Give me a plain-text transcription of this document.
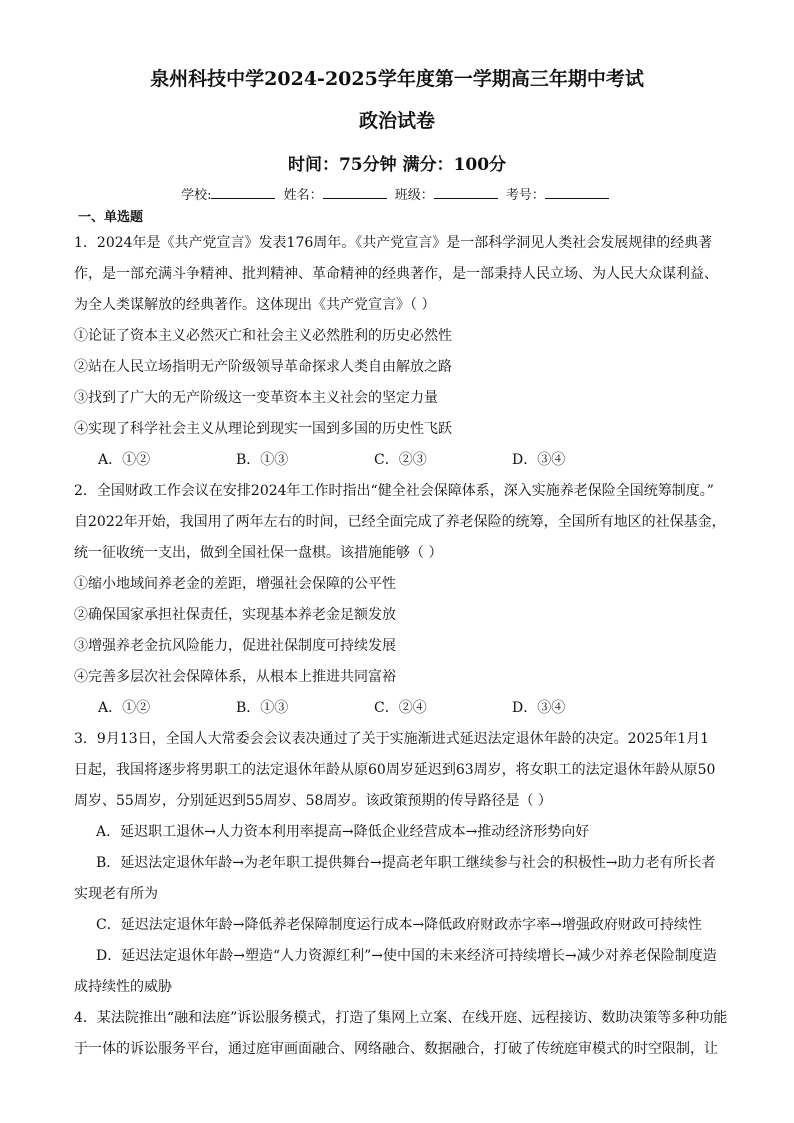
泉州科技中学2024-2025学年度第一学期高三年期中考试
政治试卷
时间：75分钟 满分：100分
学校:	姓名：	班级：	考号：
一、单选题
1．2024年是《共产党宣言》发表176周年。《共产党宣言》是一部科学洞见人类社会发展规律的经典著
作，是一部充满斗争精神、批判精神、革命精神的经典著作，是一部秉持人民立场、为人民大众谋利益、
为全人类谋解放的经典著作。这体现出《共产党宣言》（ ）
①论证了资本主义必然灭亡和社会主义必然胜利的历史必然性
②站在人民立场指明无产阶级领导革命探求人类自由解放之路
③找到了广大的无产阶级这一变革资本主义社会的坚定力量
④实现了科学社会主义从理论到现实一国到多国的历史性飞跃
A．①②	B．①③	C．②③	D．③④
2．全国财政工作会议在安排2024年工作时指出“健全社会保障体系，深入实施养老保险全国统筹制度。”
自2022年开始，我国用了两年左右的时间，已经全面完成了养老保险的统筹，全国所有地区的社保基金，
统一征收统一支出，做到全国社保一盘棋。该措施能够（ ）
①缩小地域间养老金的差距，增强社会保障的公平性
②确保国家承担社保责任，实现基本养老金足额发放
③增强养老金抗风险能力，促进社保制度可持续发展
④完善多层次社会保障体系，从根本上推进共同富裕
A．①②	B．①③	C．②④	D．③④
3．9月13日，全国人大常委会会议表决通过了关于实施渐进式延迟法定退休年龄的决定。2025年1月1
日起，我国将逐步将男职工的法定退休年龄从原60周岁延迟到63周岁，将女职工的法定退休年龄从原50
周岁、55周岁，分别延迟到55周岁、58周岁。该政策预期的传导路径是（ ）
A．延迟职工退休→人力资本利用率提高→降低企业经营成本→推动经济形势向好
B．延迟法定退休年龄→为老年职工提供舞台→提高老年职工继续参与社会的积极性→助力老有所长者
实现老有所为
C．延迟法定退休年龄→降低养老保障制度运行成本→降低政府财政赤字率→增强政府财政可持续性
D．延迟法定退休年龄→塑造“人力资源红利”→使中国的未来经济可持续增长→减少对养老保险制度造
成持续性的威胁
4．某法院推出“融和法庭”诉讼服务模式，打造了集网上立案、在线开庭、远程接访、数助决策等多种功能
于一体的诉讼服务平台，通过庭审画面融合、网络融合、数据融合，打破了传统庭审模式的时空限制，让
